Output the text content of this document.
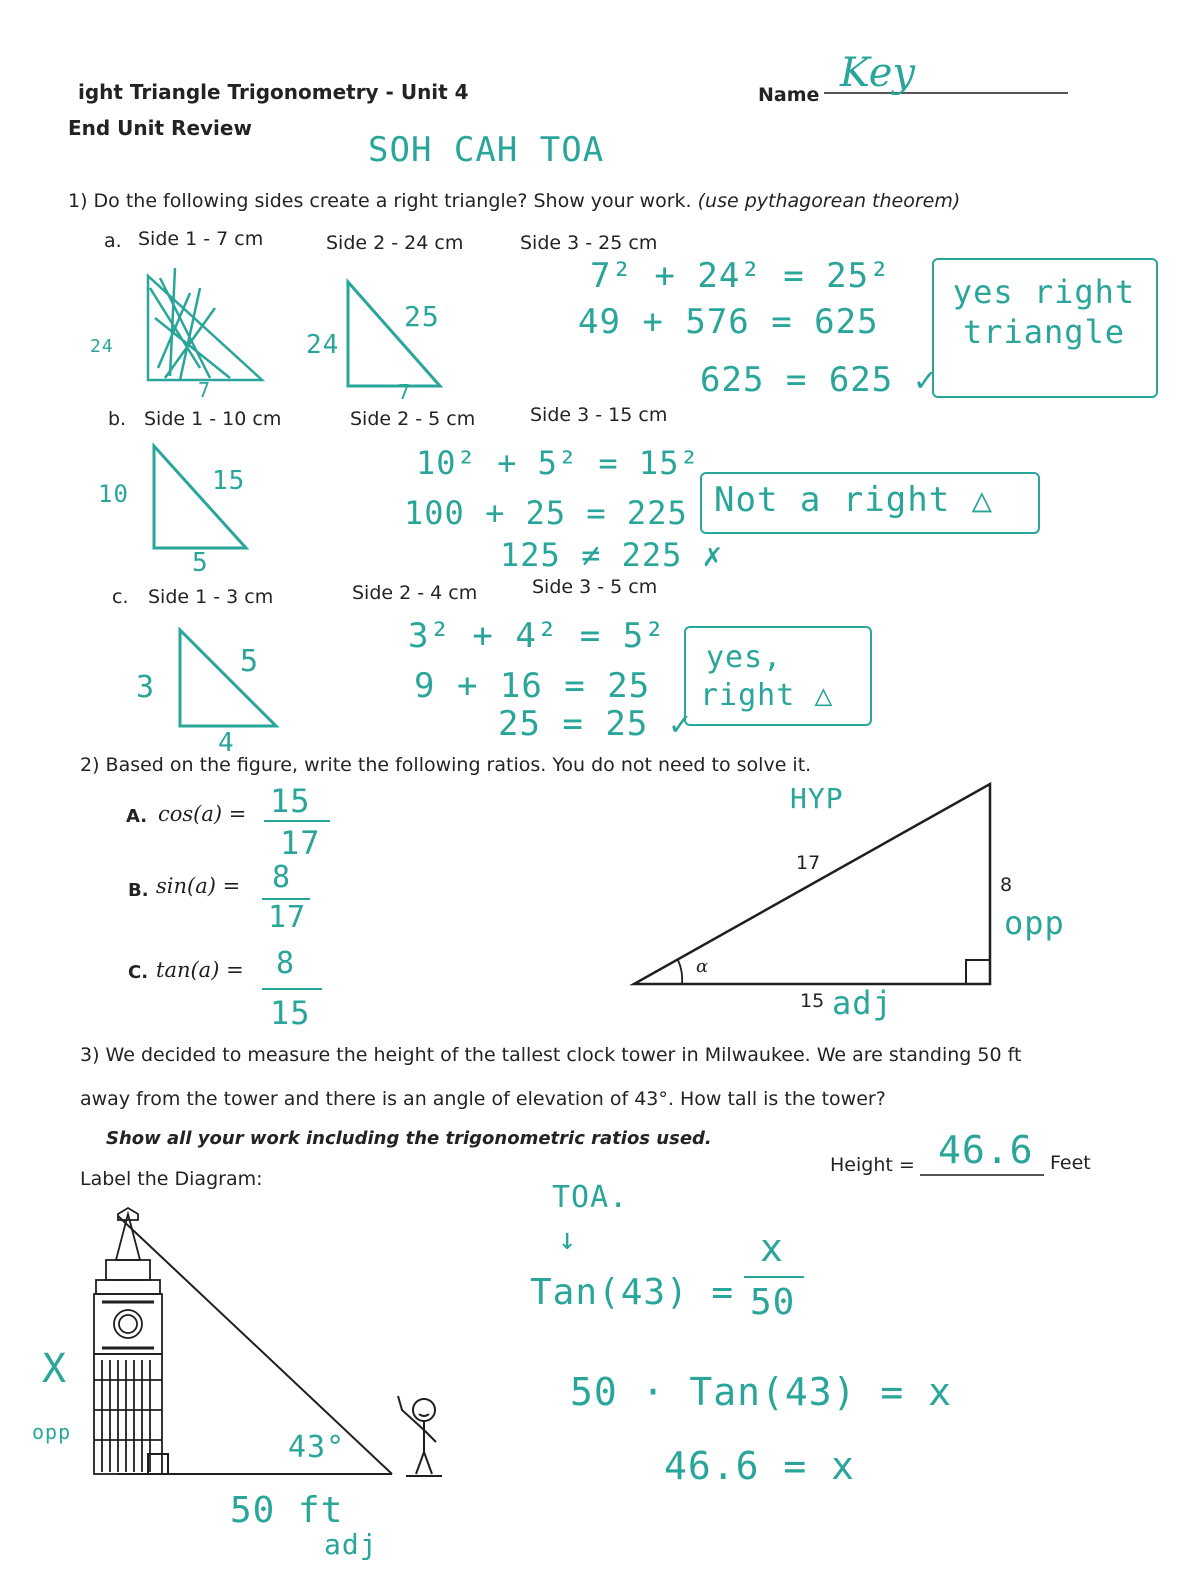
ight Triangle Trigonometry - Unit 4
End Unit Review
Name Key
SOH CAH TOA
1) Do the following sides create a right triangle? Show your work. (use pythagorean theorem)
a. Side 1 - 7 cm	Side 2 - 24 cm	Side 3 - 25 cm
24
7
24
25
7
7² + 24² = 25²
49 + 576 = 625
625 = 625 ✓
yes right triangle
b. Side 1 - 10 cm	Side 2 - 5 cm	Side 3 - 15 cm
10	15
5
10² + 5² = 15²
100 + 25 = 225
125 ≠ 225 ✗
Not a right △
c. Side 1 - 3 cm	Side 2 - 4 cm	Side 3 - 5 cm
3
5
4
3² + 4² = 5²
9 + 16 = 25
25 = 25 ✓
yes,
right △
2) Based on the figure, write the following ratios. You do not need to solve it.
A. cos(a) = 15
17
B. sin(a) = 8
17
C. tan(a) = 8
15
17
8
15
α
HYP
opp
adj
3) We decided to measure the height of the tallest clock tower in Milwaukee. We are standing 50 ft
away from the tower and there is an angle of elevation of 43°. How tall is the tower?
Show all your work including the trigonometric ratios used.
Label the Diagram:
Height = 46.6 Feet
TOA.
↓
Tan(43) =
x
50
50 · Tan(43) = x
46.6 = x
X
opp	43°
50 ft
adj
